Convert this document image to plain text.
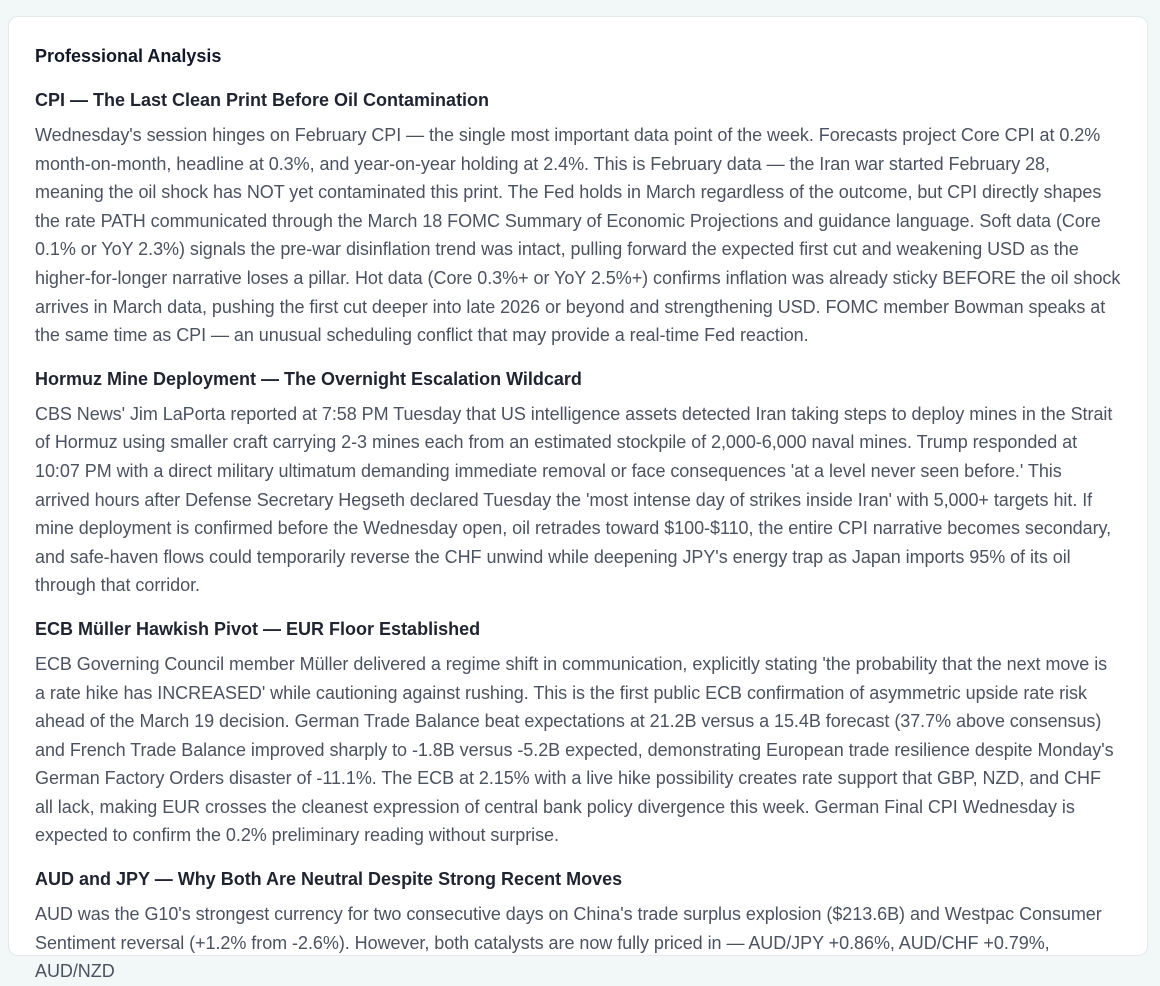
Professional Analysis
CPI — The Last Clean Print Before Oil Contamination

Wednesday's session hinges on February CPI — the single most important data point of the week. Forecasts project Core CPI at 0.2% month-on-month, headline at 0.3%, and year-on-year holding at 2.4%. This is February data — the Iran war started February 28, meaning the oil shock has NOT yet contaminated this print. The Fed holds in March regardless of the outcome, but CPI directly shapes the rate PATH communicated through the March 18 FOMC Summary of Economic Projections and guidance language. Soft data (Core 0.1% or YoY 2.3%) signals the pre-war disinflation trend was intact, pulling forward the expected first cut and weakening USD as the higher-for-longer narrative loses a pillar. Hot data (Core 0.3%+ or YoY 2.5%+) confirms inflation was already sticky BEFORE the oil shock arrives in March data, pushing the first cut deeper into late 2026 or beyond and strengthening USD. FOMC member Bowman speaks at the same time as CPI — an unusual scheduling conflict that may provide a real-time Fed reaction.

Hormuz Mine Deployment — The Overnight Escalation Wildcard

CBS News' Jim LaPorta reported at 7:58 PM Tuesday that US intelligence assets detected Iran taking steps to deploy mines in the Strait of Hormuz using smaller craft carrying 2-3 mines each from an estimated stockpile of 2,000-6,000 naval mines. Trump responded at 10:07 PM with a direct military ultimatum demanding immediate removal or face consequences 'at a level never seen before.' This arrived hours after Defense Secretary Hegseth declared Tuesday the 'most intense day of strikes inside Iran' with 5,000+ targets hit. If mine deployment is confirmed before the Wednesday open, oil retrades toward $100-$110, the entire CPI narrative becomes secondary, and safe-haven flows could temporarily reverse the CHF unwind while deepening JPY's energy trap as Japan imports 95% of its oil through that corridor.

ECB Müller Hawkish Pivot — EUR Floor Established

ECB Governing Council member Müller delivered a regime shift in communication, explicitly stating 'the probability that the next move is a rate hike has INCREASED' while cautioning against rushing. This is the first public ECB confirmation of asymmetric upside rate risk ahead of the March 19 decision. German Trade Balance beat expectations at 21.2B versus a 15.4B forecast (37.7% above consensus) and French Trade Balance improved sharply to -1.8B versus -5.2B expected, demonstrating European trade resilience despite Monday's German Factory Orders disaster of -11.1%. The ECB at 2.15% with a live hike possibility creates rate support that GBP, NZD, and CHF all lack, making EUR crosses the cleanest expression of central bank policy divergence this week. German Final CPI Wednesday is expected to confirm the 0.2% preliminary reading without surprise.

AUD and JPY — Why Both Are Neutral Despite Strong Recent Moves

AUD was the G10's strongest currency for two consecutive days on China's trade surplus explosion ($213.6B) and Westpac Consumer Sentiment reversal (+1.2% from -2.6%). However, both catalysts are now fully priced in — AUD/JPY +0.86%, AUD/CHF +0.79%, AUD/NZD
